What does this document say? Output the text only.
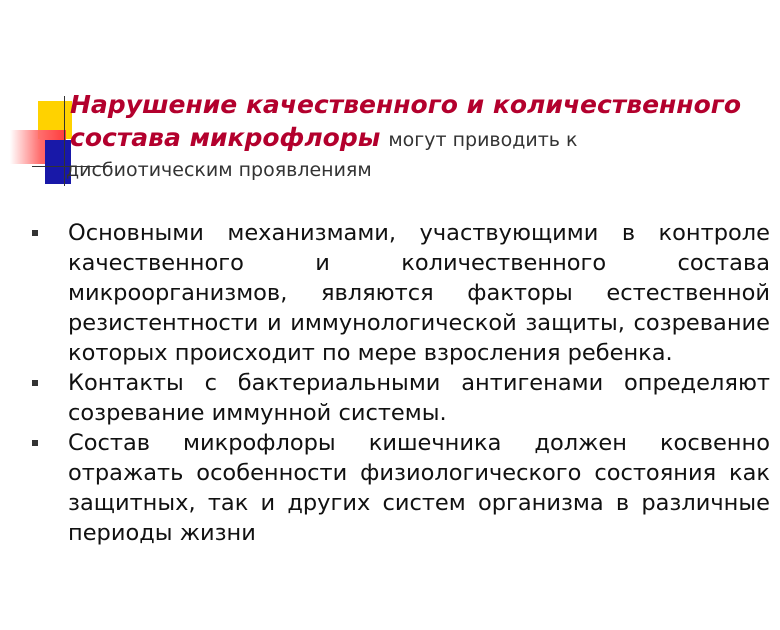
Нарушение качественного и количественного состава микрофлоры могут приводить к

дисбиотическим проявлениям

Основными механизмами, участвующими в контроле качественного и количественного состава микроорганизмов, являются факторы естественной резистентности и иммунологической защиты, созревание которых происходит по мере взросления ребенка.
Контакты с бактериальными антигенами определяют созревание иммунной системы.
Состав микрофлоры кишечника должен косвенно отражать особенности физиологического состояния как защитных, так и других систем организма в различные периоды жизни
